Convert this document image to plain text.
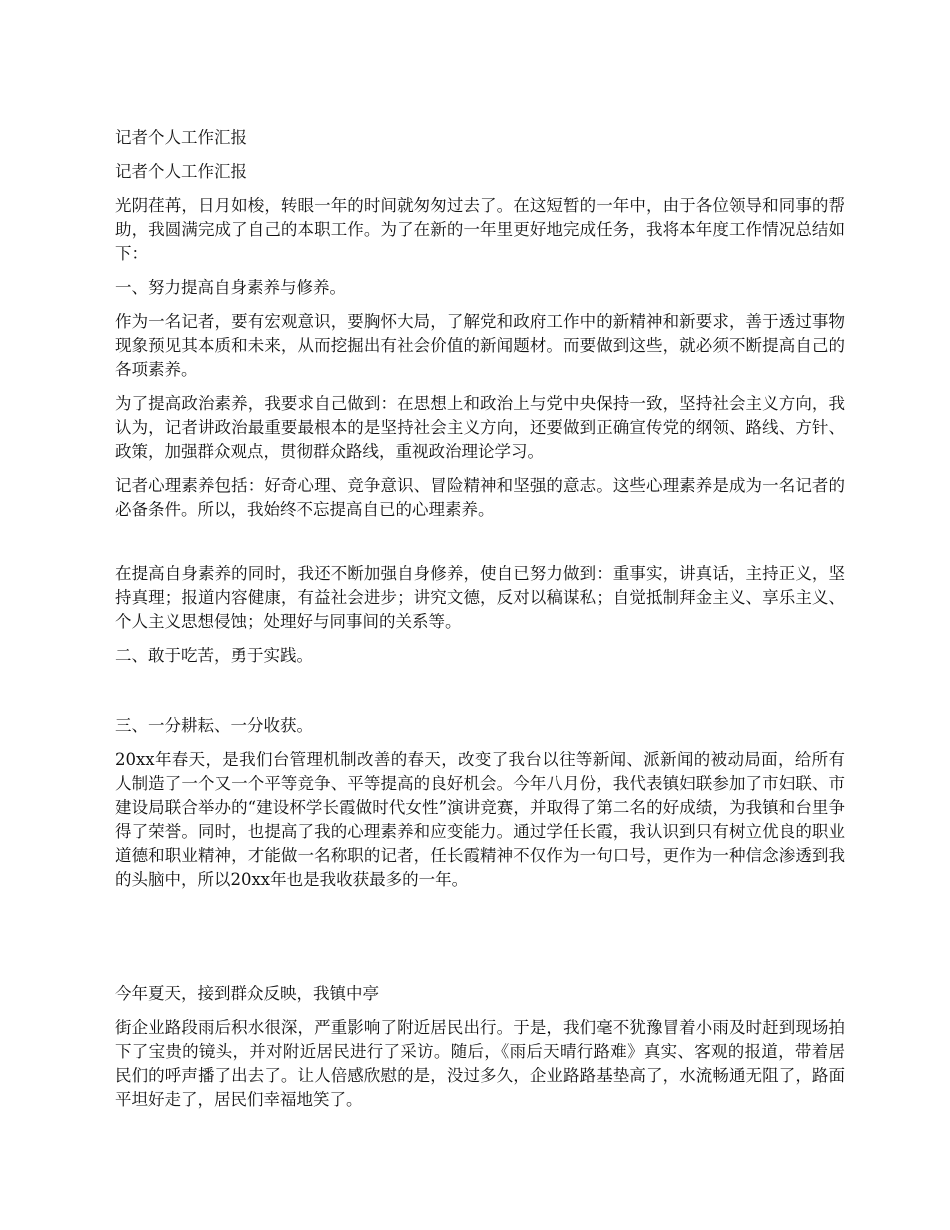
记者个人工作汇报

记者个人工作汇报

光阴荏苒，日月如梭，转眼一年的时间就匆匆过去了。在这短暂的一年中，由于各位领导和同事的帮助，我圆满完成了自己的本职工作。为了在新的一年里更好地完成任务，我将本年度工作情况总结如下：

一、努力提高自身素养与修养。

作为一名记者，要有宏观意识，要胸怀大局，了解党和政府工作中的新精神和新要求，善于透过事物现象预见其本质和未来，从而挖掘出有社会价值的新闻题材。而要做到这些，就必须不断提高自己的各项素养。

为了提高政治素养，我要求自己做到：在思想上和政治上与党中央保持一致，坚持社会主义方向，我认为，记者讲政治最重要最根本的是坚持社会主义方向，还要做到正确宣传党的纲领、路线、方针、政策，加强群众观点，贯彻群众路线，重视政治理论学习。

记者心理素养包括：好奇心理、竞争意识、冒险精神和坚强的意志。这些心理素养是成为一名记者的必备条件。所以，我始终不忘提高自已的心理素养。

在提高自身素养的同时，我还不断加强自身修养，使自已努力做到：重事实，讲真话，主持正义，坚持真理；报道内容健康，有益社会进步；讲究文德，反对以稿谋私；自觉抵制拜金主义、享乐主义、个人主义思想侵蚀；处理好与同事间的关系等。

二、敢于吃苦，勇于实践。

三、一分耕耘、一分收获。

20xx年春天，是我们台管理机制改善的春天，改变了我台以往等新闻、派新闻的被动局面，给所有人制造了一个又一个平等竞争、平等提高的良好机会。今年八月份，我代表镇妇联参加了市妇联、市建设局联合举办的“建设杯学长霞做时代女性”演讲竞赛，并取得了第二名的好成绩，为我镇和台里争得了荣誉。同时，也提高了我的心理素养和应变能力。通过学任长霞，我认识到只有树立优良的职业道德和职业精神，才能做一名称职的记者，任长霞精神不仅作为一句口号，更作为一种信念渗透到我的头脑中，所以20xx年也是我收获最多的一年。

今年夏天，接到群众反映，我镇中亭

街企业路段雨后积水很深，严重影响了附近居民出行。于是，我们毫不犹豫冒着小雨及时赶到现场拍下了宝贵的镜头，并对附近居民进行了采访。随后，《雨后天晴行路难》真实、客观的报道，带着居民们的呼声播了出去了。让人倍感欣慰的是，没过多久，企业路路基垫高了，水流畅通无阻了，路面平坦好走了，居民们幸福地笑了。
